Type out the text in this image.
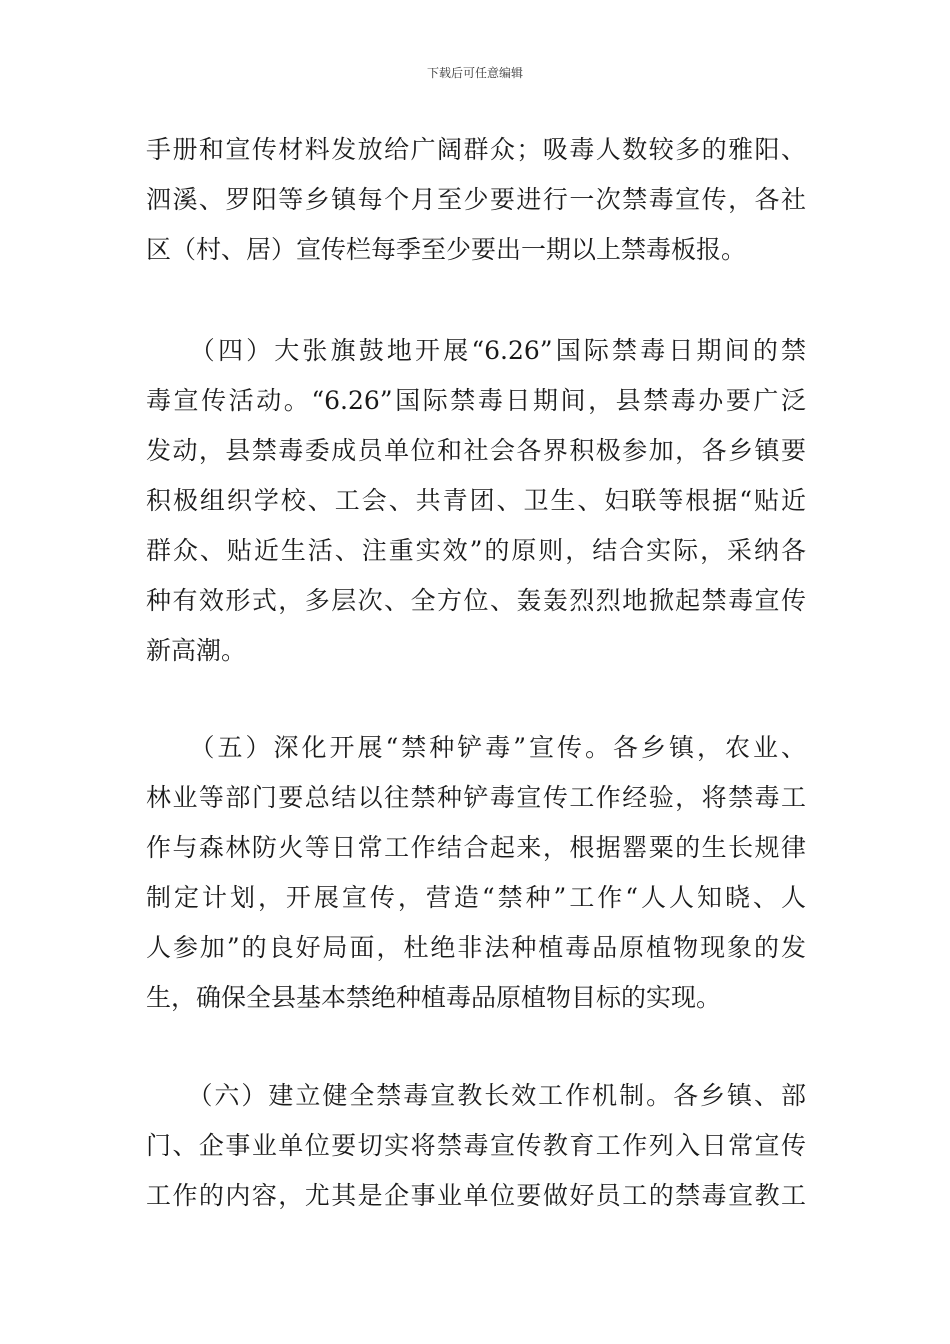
下载后可任意编辑
手册和宣传材料发放给广阔群众；吸毒人数较多的雅阳、
泗溪、罗阳等乡镇每个月至少要进行一次禁毒宣传，各社
区（村、居）宣传栏每季至少要出一期以上禁毒板报。
　　（四）大张旗鼓地开展“6.26”国际禁毒日期间的禁
毒宣传活动。“6.26”国际禁毒日期间，县禁毒办要广泛
发动，县禁毒委成员单位和社会各界积极参加，各乡镇要
积极组织学校、工会、共青团、卫生、妇联等根据“贴近
群众、贴近生活、注重实效”的原则，结合实际，采纳各
种有效形式，多层次、全方位、轰轰烈烈地掀起禁毒宣传
新高潮。
　　（五）深化开展“禁种铲毒”宣传。各乡镇，农业、
林业等部门要总结以往禁种铲毒宣传工作经验，将禁毒工
作与森林防火等日常工作结合起来，根据罂粟的生长规律
制定计划，开展宣传，营造“禁种”工作“人人知晓、人
人参加”的良好局面，杜绝非法种植毒品原植物现象的发
生，确保全县基本禁绝种植毒品原植物目标的实现。
　　（六）建立健全禁毒宣教长效工作机制。各乡镇、部
门、企事业单位要切实将禁毒宣传教育工作列入日常宣传
工作的内容，尤其是企事业单位要做好员工的禁毒宣教工
